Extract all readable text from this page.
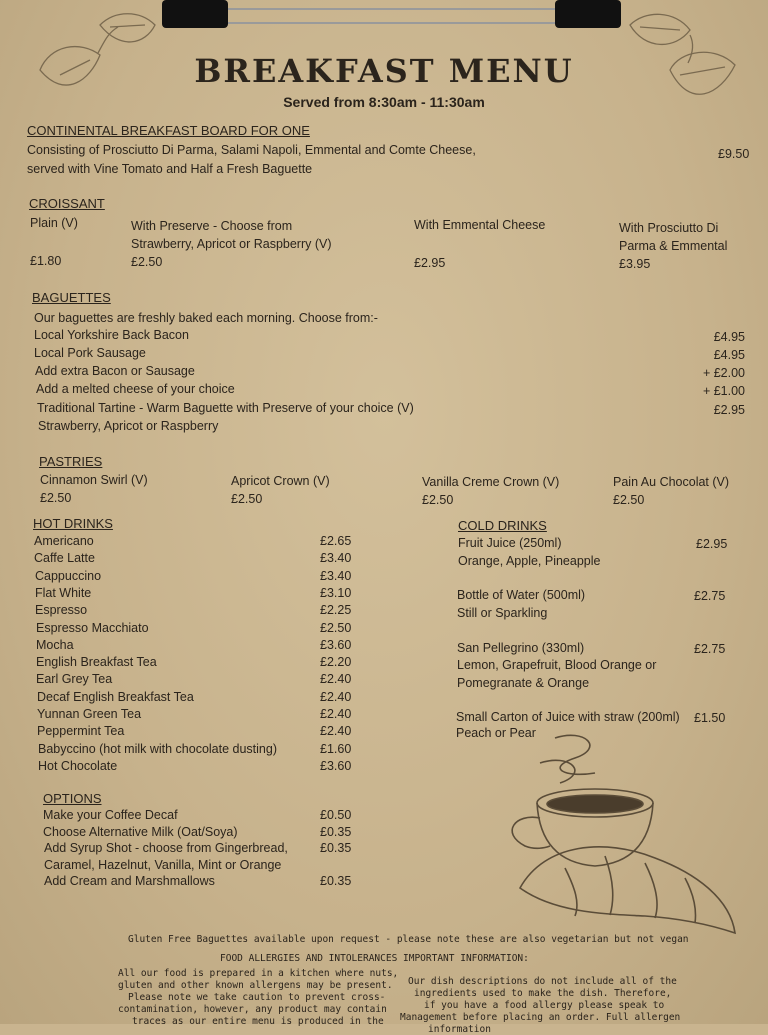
BREAKFAST MENU
Served from 8:30am - 11:30am
CONTINENTAL BREAKFAST BOARD FOR ONE
Consisting of Prosciutto Di Parma, Salami Napoli, Emmental and Comte Cheese,
served with Vine Tomato and Half a Fresh Baguette
£9.50
CROISSANT
Plain (V)
£1.80
With Preserve - Choose from
Strawberry, Apricot or Raspberry (V)
£2.50
With Emmental Cheese
£2.95
With Prosciutto Di
Parma & Emmental
£3.95
BAGUETTES
Our baguettes are freshly baked each morning. Choose from:-
Local Yorkshire Back Bacon	£4.95
Local Pork Sausage	£4.95
Add extra Bacon or Sausage	+ £2.00
Add a melted cheese of your choice	+ £1.00
Traditional Tartine - Warm Baguette with Preserve of your choice (V)	£2.95
Strawberry, Apricot or Raspberry
PASTRIES
Cinnamon Swirl (V)
£2.50
Apricot Crown (V)
£2.50
Vanilla Creme Crown (V)
£2.50
Pain Au Chocolat (V)
£2.50
HOT DRINKS
Americano	£2.65
Caffe Latte	£3.40
Cappuccino	£3.40
Flat White	£3.10
Espresso	£2.25
Espresso Macchiato	£2.50
Mocha	£3.60
English Breakfast Tea	£2.20
Earl Grey Tea	£2.40
Decaf English Breakfast Tea	£2.40
Yunnan Green Tea	£2.40
Peppermint Tea	£2.40
Babyccino (hot milk with chocolate dusting)	£1.60
Hot Chocolate	£3.60
OPTIONS
Make your Coffee Decaf	£0.50
Choose Alternative Milk (Oat/Soya)	£0.35
Add Syrup Shot - choose from Gingerbread,	£0.35
Caramel, Hazelnut, Vanilla, Mint or Orange
Add Cream and Marshmallows	£0.35
COLD DRINKS
Fruit Juice (250ml)	£2.95
Orange, Apple, Pineapple
Bottle of Water (500ml)	£2.75
Still or Sparkling
San Pellegrino (330ml)	£2.75
Lemon, Grapefruit, Blood Orange or
Pomegranate & Orange
Small Carton of Juice with straw (200ml) £1.50
Peach or Pear
Gluten Free Baguettes available upon request - please note these are also vegetarian but not vegan
FOOD ALLERGIES AND INTOLERANCES IMPORTANT INFORMATION:
All our food is prepared in a kitchen where nuts,
gluten and other known allergens may be present.
Please note we take caution to prevent cross-
contamination, however, any product may contain
traces as our entire menu is produced in the
Our dish descriptions do not include all of the
ingredients used to make the dish. Therefore,
if you have a food allergy please speak to
Management before placing an order. Full allergen
information
